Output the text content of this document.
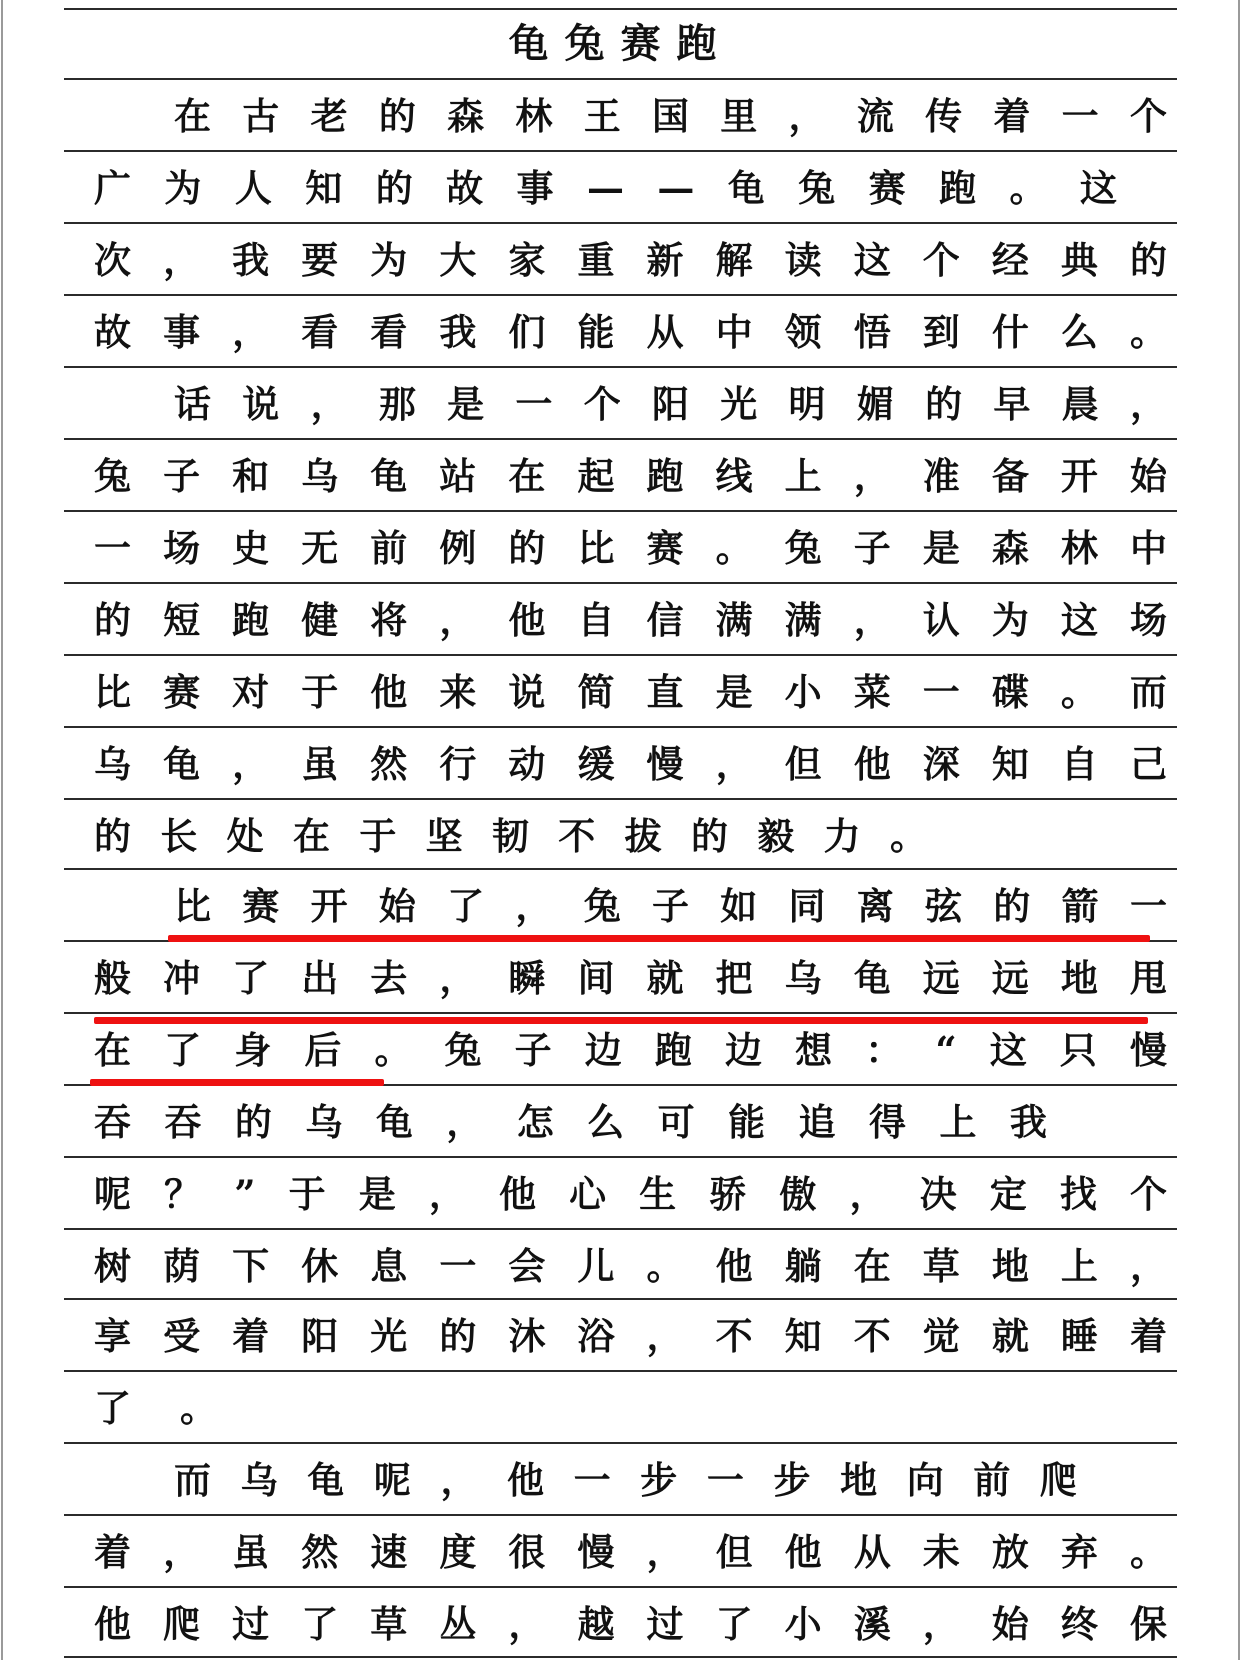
龟 兔 赛 跑
在 古 老 的 森 林 王 国 里 ， 流 传 着 一 个
广 为 人 知 的 故 事 — — 龟 兔 赛 跑 。 这
次 ， 我 要 为 大 家 重 新 解 读 这 个 经 典 的
故 事 ， 看 看 我 们 能 从 中 领 悟 到 什 么 。
话 说 ， 那 是 一 个 阳 光 明 媚 的 早 晨 ，
兔 子 和 乌 龟 站 在 起 跑 线 上 ， 准 备 开 始
一 场 史 无 前 例 的 比 赛 。 兔 子 是 森 林 中
的 短 跑 健 将 ， 他 自 信 满 满 ， 认 为 这 场
比 赛 对 于 他 来 说 简 直 是 小 菜 一 碟 。 而
乌 龟 ， 虽 然 行 动 缓 慢 ， 但 他 深 知 自 己
的 长 处 在 于 坚 韧 不 拔 的 毅 力 。
比 赛 开 始 了 ， 兔 子 如 同 离 弦 的 箭 一
般 冲 了 出 去 ， 瞬 间 就 把 乌 龟 远 远 地 甩
在 了 身 后 。 兔 子 边 跑 边 想 ： “ 这 只 慢
吞 吞 的 乌 龟 ， 怎 么 可 能 追 得 上 我
呢 ？ ” 于 是 ， 他 心 生 骄 傲 ， 决 定 找 个
树 荫 下 休 息 一 会 儿 。 他 躺 在 草 地 上 ，
享 受 着 阳 光 的 沐 浴 ， 不 知 不 觉 就 睡 着
了 。
而 乌 龟 呢 ， 他 一 步 一 步 地 向 前 爬
着 ， 虽 然 速 度 很 慢 ， 但 他 从 未 放 弃 。
他 爬 过 了 草 丛 ， 越 过 了 小 溪 ， 始 终 保
